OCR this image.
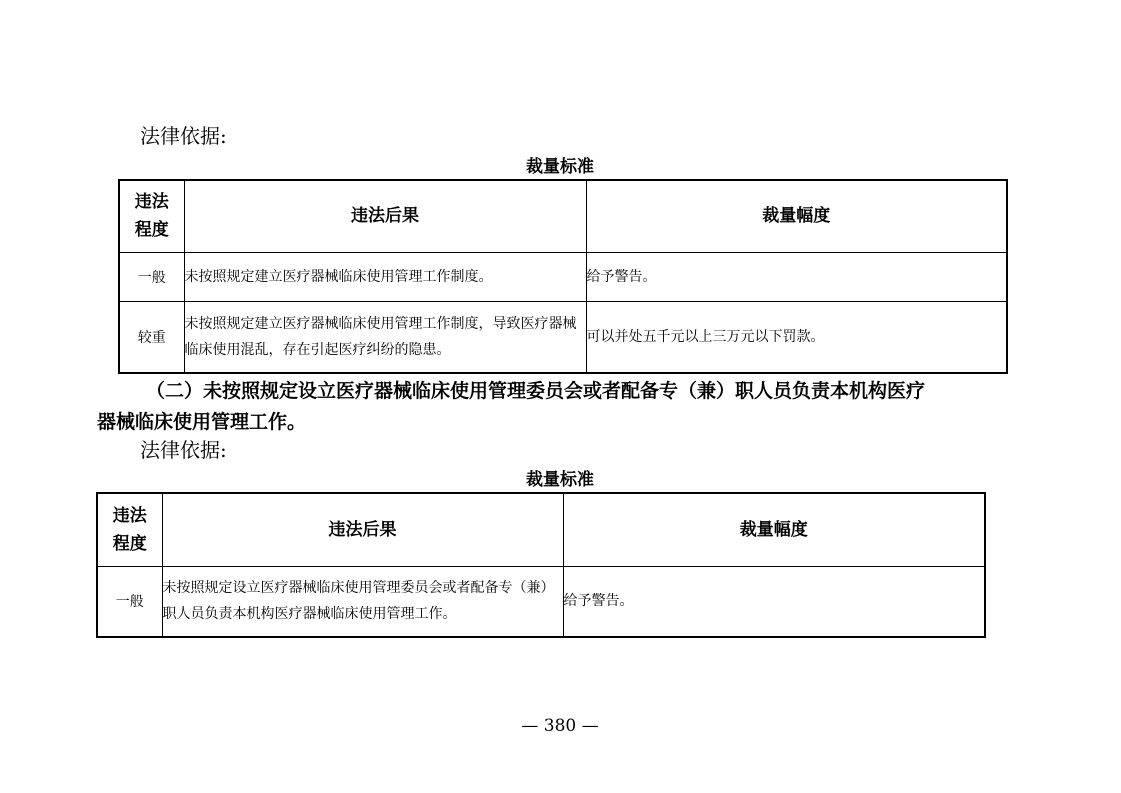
法律依据:
裁量标准
违法
程度	违法后果	裁量幅度
一般	未按照规定建立医疗器械临床使用管理工作制度。	给予警告。
较重	未按照规定建立医疗器械临床使用管理工作制度，导致医疗器械临床使用混乱，存在引起医疗纠纷的隐患。	可以并处五千元以上三万元以下罚款。
（二）未按照规定设立医疗器械临床使用管理委员会或者配备专（兼）职人员负责本机构医疗
器械临床使用管理工作。
法律依据:
裁量标准
违法
程度	违法后果	裁量幅度
一般	未按照规定设立医疗器械临床使用管理委员会或者配备专（兼）职人员负责本机构医疗器械临床使用管理工作。	给予警告。
— 380 —
